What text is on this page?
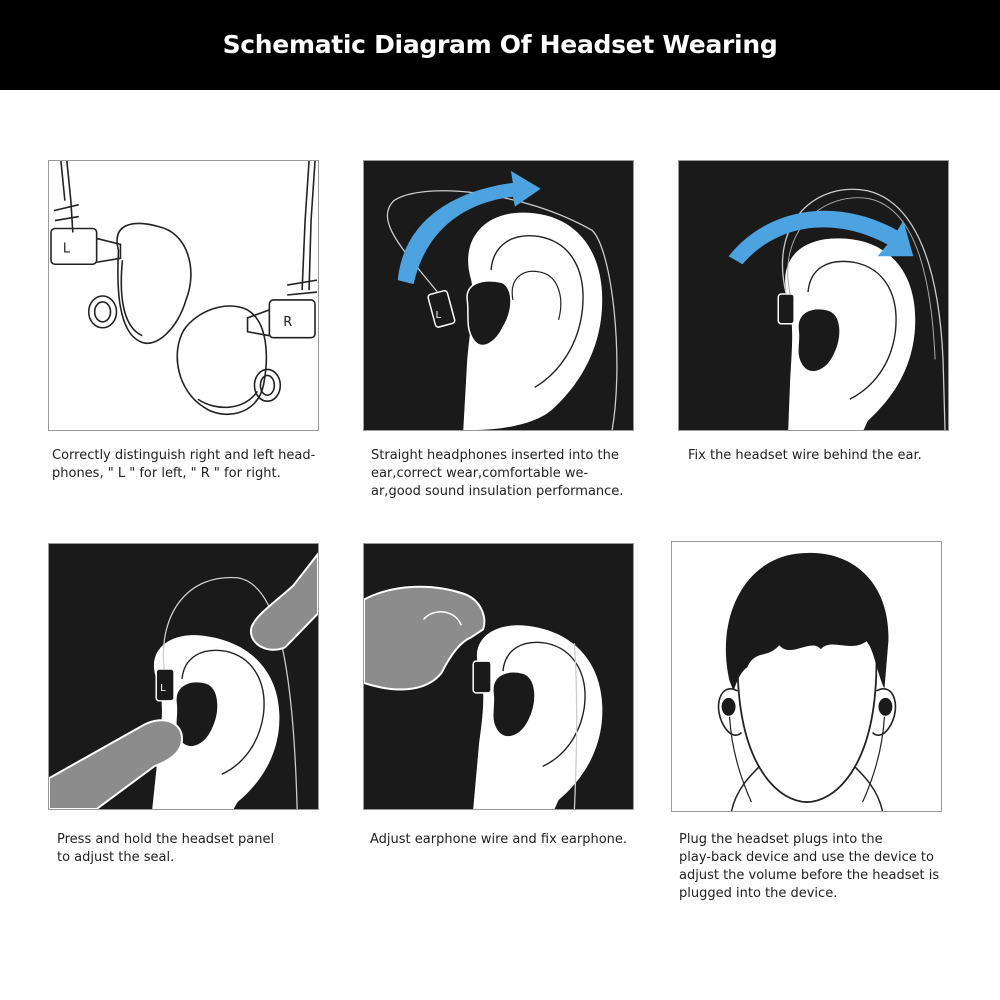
Schematic Diagram Of Headset Wearing
L
R	L
L
Correctly distinguish right and left head-
phones, " L " for left, " R " for right.
Straight headphones inserted into the
ear,correct wear,comfortable we-
ar,good sound insulation performance.
Fix the headset wire behind the ear.
Press and hold the headset panel
to adjust the seal.
Adjust earphone wire and fix earphone.	Plug the headset plugs into the
play-back device and use the device to
adjust the volume before the headset is
plugged into the device.
